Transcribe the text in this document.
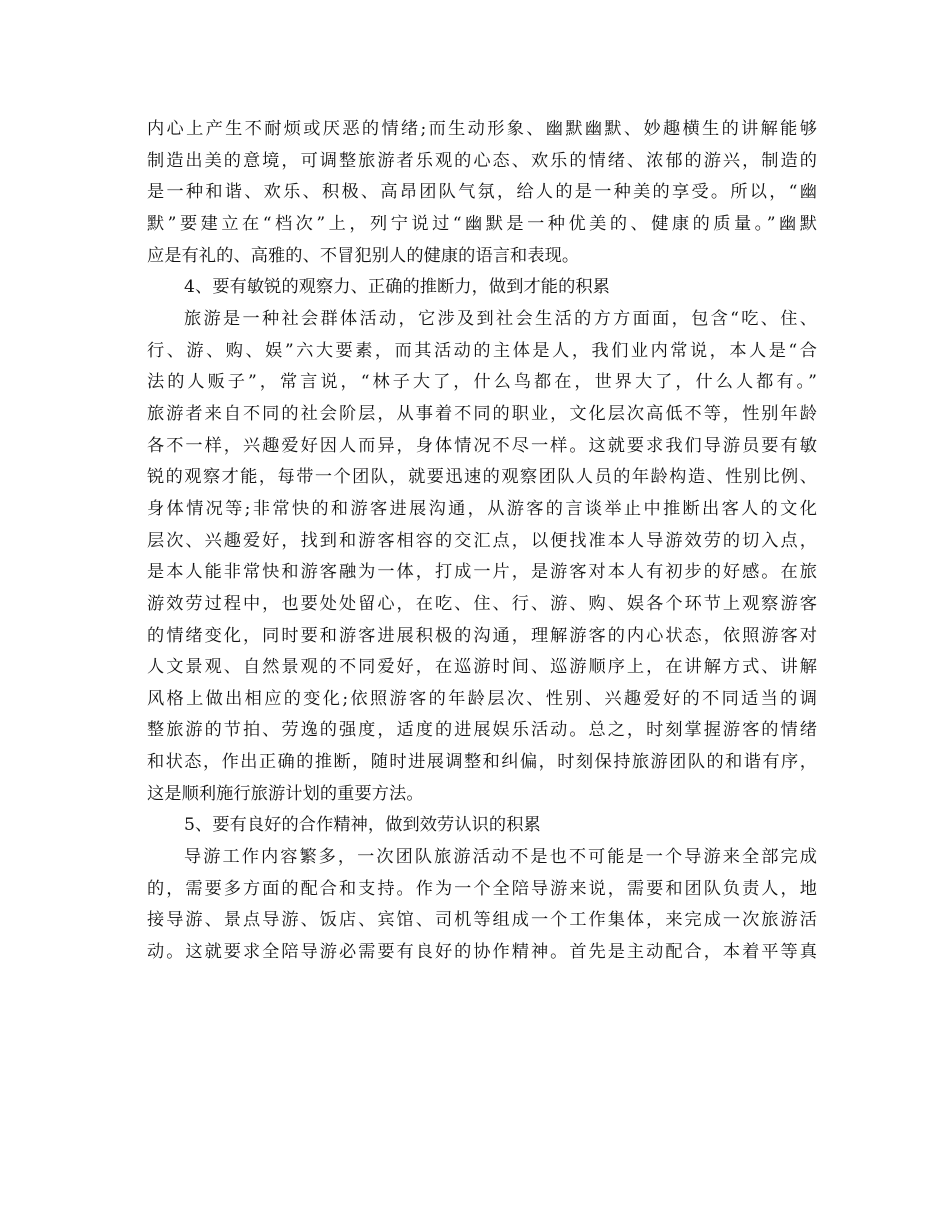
内心上产生不耐烦或厌恶的情绪;而生动形象、幽默幽默、妙趣横生的讲解能够
制造出美的意境，可调整旅游者乐观的心态、欢乐的情绪、浓郁的游兴，制造的
是一种和谐、欢乐、积极、高昂团队气氛，给人的是一种美的享受。所以，“幽
默”要建立在“档次”上，列宁说过“幽默是一种优美的、健康的质量。”幽默
应是有礼的、高雅的、不冒犯别人的健康的语言和表现。
4、要有敏锐的观察力、正确的推断力，做到才能的积累
旅游是一种社会群体活动，它涉及到社会生活的方方面面，包含“吃、住、
行、游、购、娱”六大要素，而其活动的主体是人，我们业内常说，本人是“合
法的人贩子”，常言说，“林子大了，什么鸟都在，世界大了，什么人都有。”
旅游者来自不同的社会阶层，从事着不同的职业，文化层次高低不等，性别年龄
各不一样，兴趣爱好因人而异，身体情况不尽一样。这就要求我们导游员要有敏
锐的观察才能，每带一个团队，就要迅速的观察团队人员的年龄构造、性别比例、
身体情况等;非常快的和游客进展沟通，从游客的言谈举止中推断出客人的文化
层次、兴趣爱好，找到和游客相容的交汇点，以便找准本人导游效劳的切入点，
是本人能非常快和游客融为一体，打成一片，是游客对本人有初步的好感。在旅
游效劳过程中，也要处处留心，在吃、住、行、游、购、娱各个环节上观察游客
的情绪变化，同时要和游客进展积极的沟通，理解游客的内心状态，依照游客对
人文景观、自然景观的不同爱好，在巡游时间、巡游顺序上，在讲解方式、讲解
风格上做出相应的变化;依照游客的年龄层次、性别、兴趣爱好的不同适当的调
整旅游的节拍、劳逸的强度，适度的进展娱乐活动。总之，时刻掌握游客的情绪
和状态，作出正确的推断，随时进展调整和纠偏，时刻保持旅游团队的和谐有序，
这是顺利施行旅游计划的重要方法。
5、要有良好的合作精神，做到效劳认识的积累
导游工作内容繁多，一次团队旅游活动不是也不可能是一个导游来全部完成
的，需要多方面的配合和支持。作为一个全陪导游来说，需要和团队负责人，地
接导游、景点导游、饭店、宾馆、司机等组成一个工作集体，来完成一次旅游活
动。这就要求全陪导游必需要有良好的协作精神。首先是主动配合，本着平等真
